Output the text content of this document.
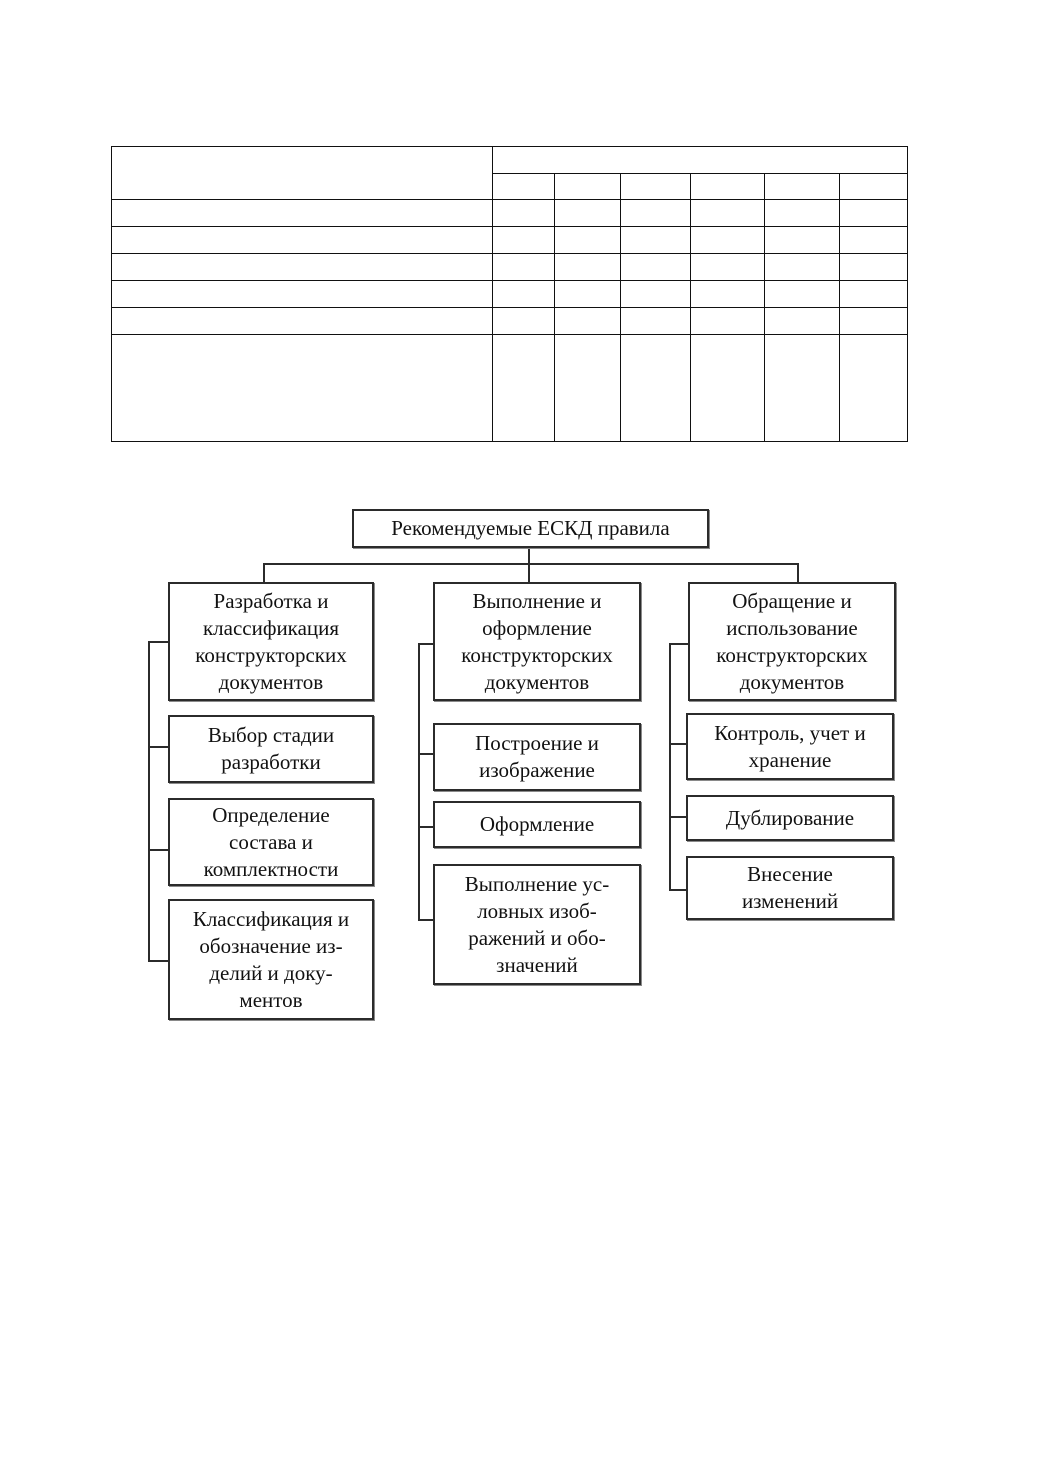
Рекомендуемые ЕСКД правила
Разработка и
классификация
конструкторских
документов
Выбор стадии
разработки
Определение
состава и
комплектности
Классификация и
обозначение из-
делий и доку-
ментов
Выполнение и
оформление
конструкторских
документов
Построение и
изображение
Оформление
Выполнение ус-
ловных изоб-
ражений и обо-
значений
Обращение и
использование
конструкторских
документов
Контроль, учет и
хранение
Дублирование
Внесение
изменений
